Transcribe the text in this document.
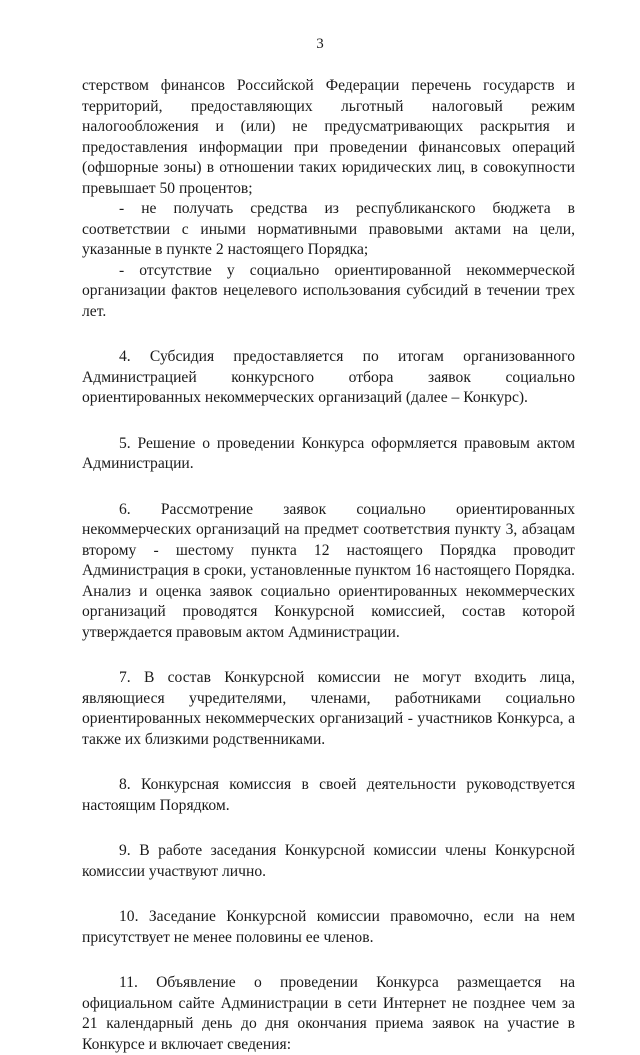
3

стерством финансов Российской Федерации перечень государств и территорий, предоставляющих льготный налоговый режим налогообложения и (или) не предусматривающих раскрытия и предоставления информации при проведении финансовых операций (офшорные зоны) в отношении таких юридических лиц, в совокупности превышает 50 процентов;

- не получать средства из республиканского бюджета в соответствии с иными нормативными правовыми актами на цели, указанные в пункте 2 настоящего Порядка;

- отсутствие у социально ориентированной некоммерческой организации фактов нецелевого использования субсидий в течении трех лет.

4. Субсидия предоставляется по итогам организованного Администрацией конкурсного отбора заявок социально ориентированных некоммерческих организаций (далее – Конкурс).

5. Решение о проведении Конкурса оформляется правовым актом Администрации.

6. Рассмотрение заявок социально ориентированных некоммерческих организаций на предмет соответствия пункту 3, абзацам второму - шестому пункта 12 настоящего Порядка проводит Администрация в сроки, установленные пунктом 16 настоящего Порядка. Анализ и оценка заявок социально ориентированных некоммерческих организаций проводятся Конкурсной комиссией, состав которой утверждается правовым актом Администрации.

7. В состав Конкурсной комиссии не могут входить лица, являющиеся учредителями, членами, работниками социально ориентированных некоммерческих организаций - участников Конкурса, а также их близкими родственниками.

8. Конкурсная комиссия в своей деятельности руководствуется настоящим Порядком.

9. В работе заседания Конкурсной комиссии члены Конкурсной комиссии участвуют лично.

10. Заседание Конкурсной комиссии правомочно, если на нем присутствует не менее половины ее членов.

11. Объявление о проведении Конкурса размещается на официальном сайте Администрации в сети Интернет не позднее чем за 21 календарный день до дня окончания приема заявок на участие в Конкурсе и включает сведения:
